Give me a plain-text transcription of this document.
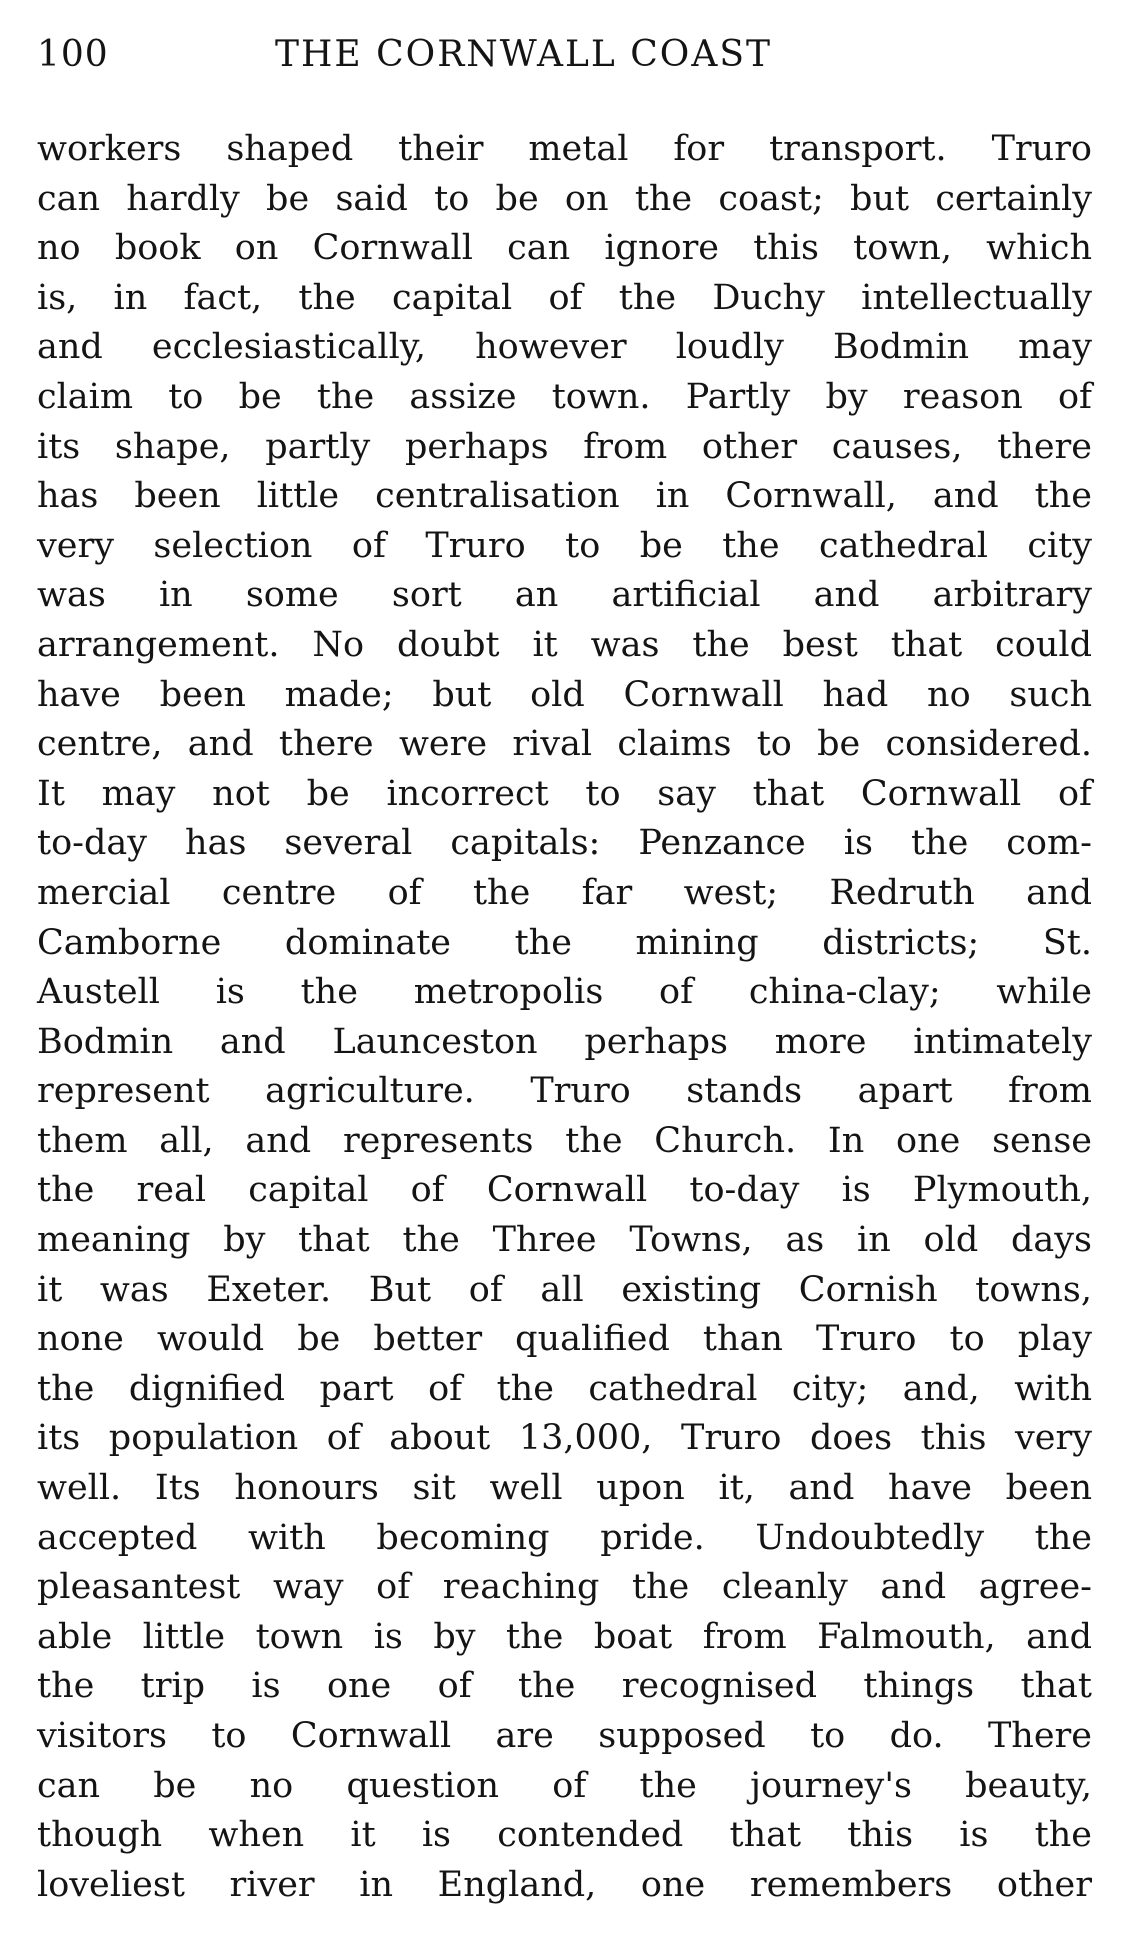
100	THE CORNWALL COAST
workers shaped their metal for transport. Truro
can hardly be said to be on the coast; but certainly
no book on Cornwall can ignore this town, which
is, in fact, the capital of the Duchy intellectually
and ecclesiastically, however loudly Bodmin may
claim to be the assize town. Partly by reason of
its shape, partly perhaps from other causes, there
has been little centralisation in Cornwall, and the
very selection of Truro to be the cathedral city
was in some sort an artificial and arbitrary
arrangement. No doubt it was the best that could
have been made; but old Cornwall had no such
centre, and there were rival claims to be considered.
It may not be incorrect to say that Cornwall of
to-day has several capitals: Penzance is the com-
mercial centre of the far west; Redruth and
Camborne dominate the mining districts; St.
Austell is the metropolis of china-clay; while
Bodmin and Launceston perhaps more intimately
represent agriculture. Truro stands apart from
them all, and represents the Church. In one sense
the real capital of Cornwall to-day is Plymouth,
meaning by that the Three Towns, as in old days
it was Exeter. But of all existing Cornish towns,
none would be better qualified than Truro to play
the dignified part of the cathedral city; and, with
its population of about 13,000, Truro does this very
well. Its honours sit well upon it, and have been
accepted with becoming pride. Undoubtedly the
pleasantest way of reaching the cleanly and agree-
able little town is by the boat from Falmouth, and
the trip is one of the recognised things that
visitors to Cornwall are supposed to do. There
can be no question of the journey's beauty,
though when it is contended that this is the
loveliest river in England, one remembers other
